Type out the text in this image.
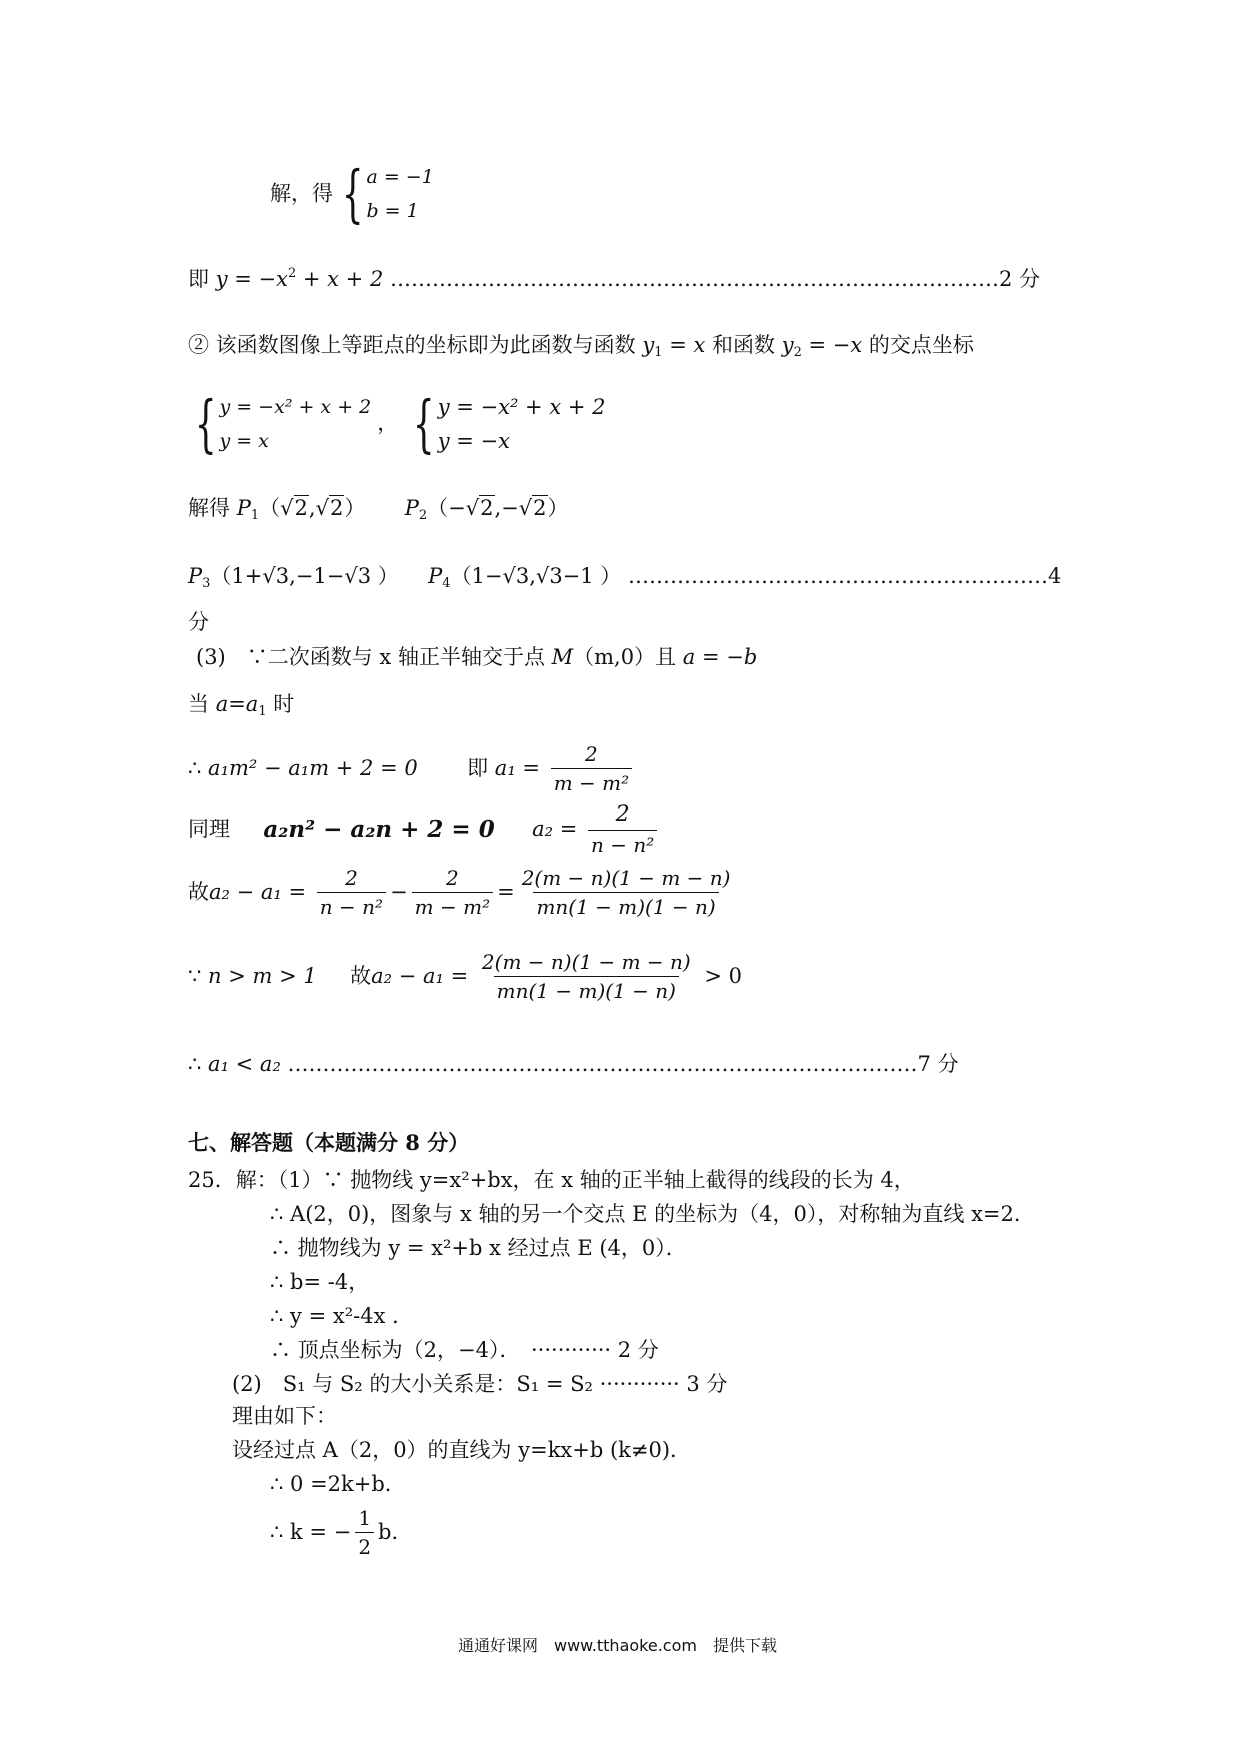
解，得 { a = −1
b = 1
即 $y = -x^2 + x + 2$ ……………………………………………………………………………2 分
② 该函数图像上等距点的坐标即为此函数与函数 $y_1 = x$ 和函数 $y_2 = -x$ 的交点坐标
{ y = −x² + x + 2
y = x
， { y = −x² + x + 2
y = −x
解得 $P_1(√2,√2)$ $P_2(-√2,-√2)$
$P_3(1+√3,-1-√3$ ） $P_4(1-√3,√3-1$ ） ……………………………………………………4
分
(3)　∵二次函数与 x 轴正半轴交于点 M（m,0）且 a = −b
当 $a=a_1$ 时
∴ a₁m² − a₁m + 2 = 0 即 $a_1 = \frac{2}{\text{m − m²}}$
同理 a₂n² − a₂n + 2 = 0 $a_2 = \frac{2}{\text{n − n²}}$
故$a_2 - a_1 = \frac{2}{\text{n − n²}} - \frac{2}{\text{m − m²}} = \frac{2(m - n)(1 - m - n)}{mn(1 - m)(1 - n)}$
∵ n > m > 1 故$a_2 - a_1 = \frac{2(m - n)(1 - m - n)}{mn(1 - m)(1 - n)} > 0$
∴ a₁ < a₂ ………………………………………………………………………………7 分
七、解答题（本题满分 8 分）
25．解：（1）∵ 抛物线 y=x²+bx，在 x 轴的正半轴上截得的线段的长为 4，
∴ A(2，0)，图象与 x 轴的另一个交点 E 的坐标为（4，0），对称轴为直线 x=2．
∴ 抛物线为 y = x²+b x 经过点 E (4，0）．
∴ b= -4，
∴ y = x²-4x ．
∴ 顶点坐标为（2，−4）．　············ 2 分
(2)　S₁ 与 S₂ 的大小关系是：S₁ = S₂ ············ 3 分
理由如下：
设经过点 A（2，0）的直线为 y=kx+b (k≠0)．
∴ 0 =2k+b．
∴ k = − $\frac{1}{2}$ b．
通通好课网　www.tthaoke.com　提供下载
